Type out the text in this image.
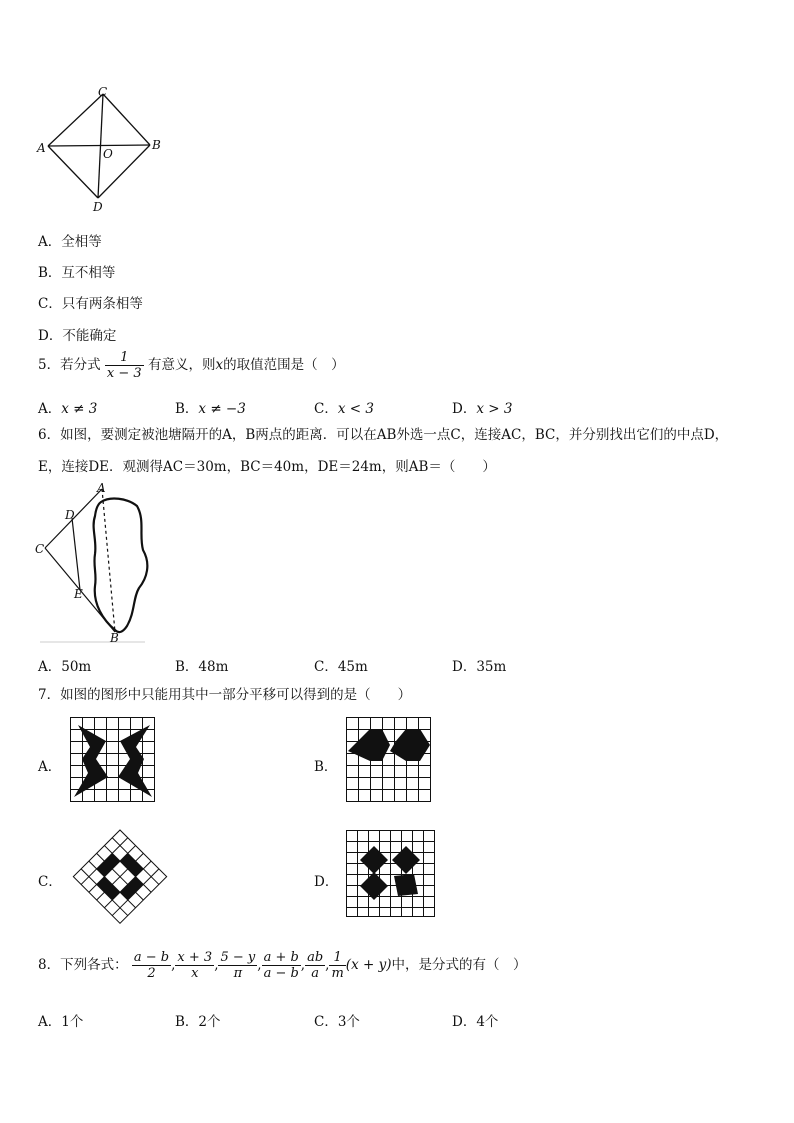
C
A	B
O
D
A．全相等
B．互不相等
C．只有两条相等
D．不能确定
5．若分式 $\frac{1}{x - 3}$ 有意义，则x的取值范围是（　）
A．x ≠ 3	B．x ≠ −3	C．x < 3	D．x > 3
6．如图，要测定被池塘隔开的A，B两点的距离．可以在AB外选一点C，连接AC，BC，并分别找出它们的中点D，
E，连接DE．观测得AC＝30m，BC＝40m，DE＝24m，则AB＝（　　）
A
D
C
E
B
A．50m	B．48m	C．45m	D．35m
7．如图的图形中只能用其中一部分平移可以得到的是（　　）
A．	B．
C．	D．
8．下列各式： $\frac{a - b}{2}$ , $\frac{x + 3}{x}$ , $\frac{5 - y}{\pi}$ , $\frac{a + b}{a - b}$ , $\frac{ab}{a}$ , $\frac{1}{m} (x + y)$中，是分式的有（　）
A．1个	B．2个	C．3个	D．4个
